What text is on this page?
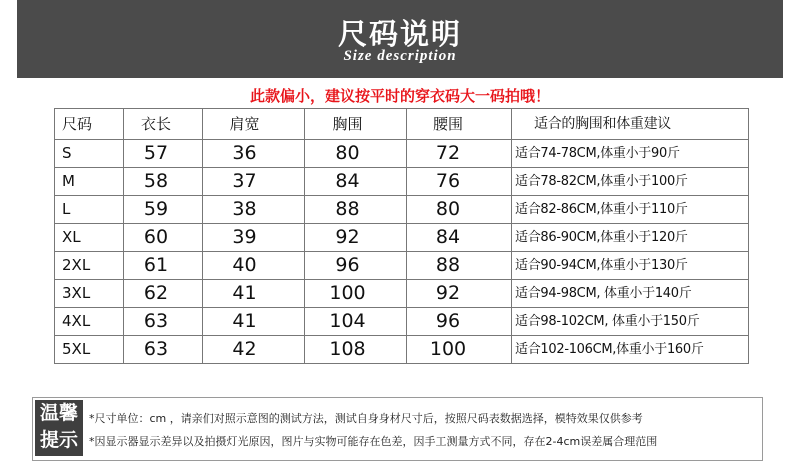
尺码说明
Size description
此款偏小，建议按平时的穿衣码大一码拍哦！
尺码	衣长	肩宽	胸围	腰围	适合的胸围和体重建议
S	57	36	80	72	适合74-78CM,体重小于90斤
M	58	37	84	76	适合78-82CM,体重小于100斤
L	59	38	88	80	适合82-86CM,体重小于110斤
XL	60	39	92	84	适合86-90CM,体重小于120斤
2XL	61	40	96	88	适合90-94CM,体重小于130斤
3XL	62	41	100	92	适合94-98CM, 体重小于140斤
4XL	63	41	104	96	适合98-102CM, 体重小于150斤
5XL	63	42	108	100	适合102-106CM,体重小于160斤
温馨
提示
*尺寸单位：cm ，请亲们对照示意图的测试方法，测试自身身材尺寸后，按照尺码表数据选择，模特效果仅供参考
*因显示器显示差异以及拍摄灯光原因，图片与实物可能存在色差，因手工测量方式不同，存在2-4cm误差属合理范围
